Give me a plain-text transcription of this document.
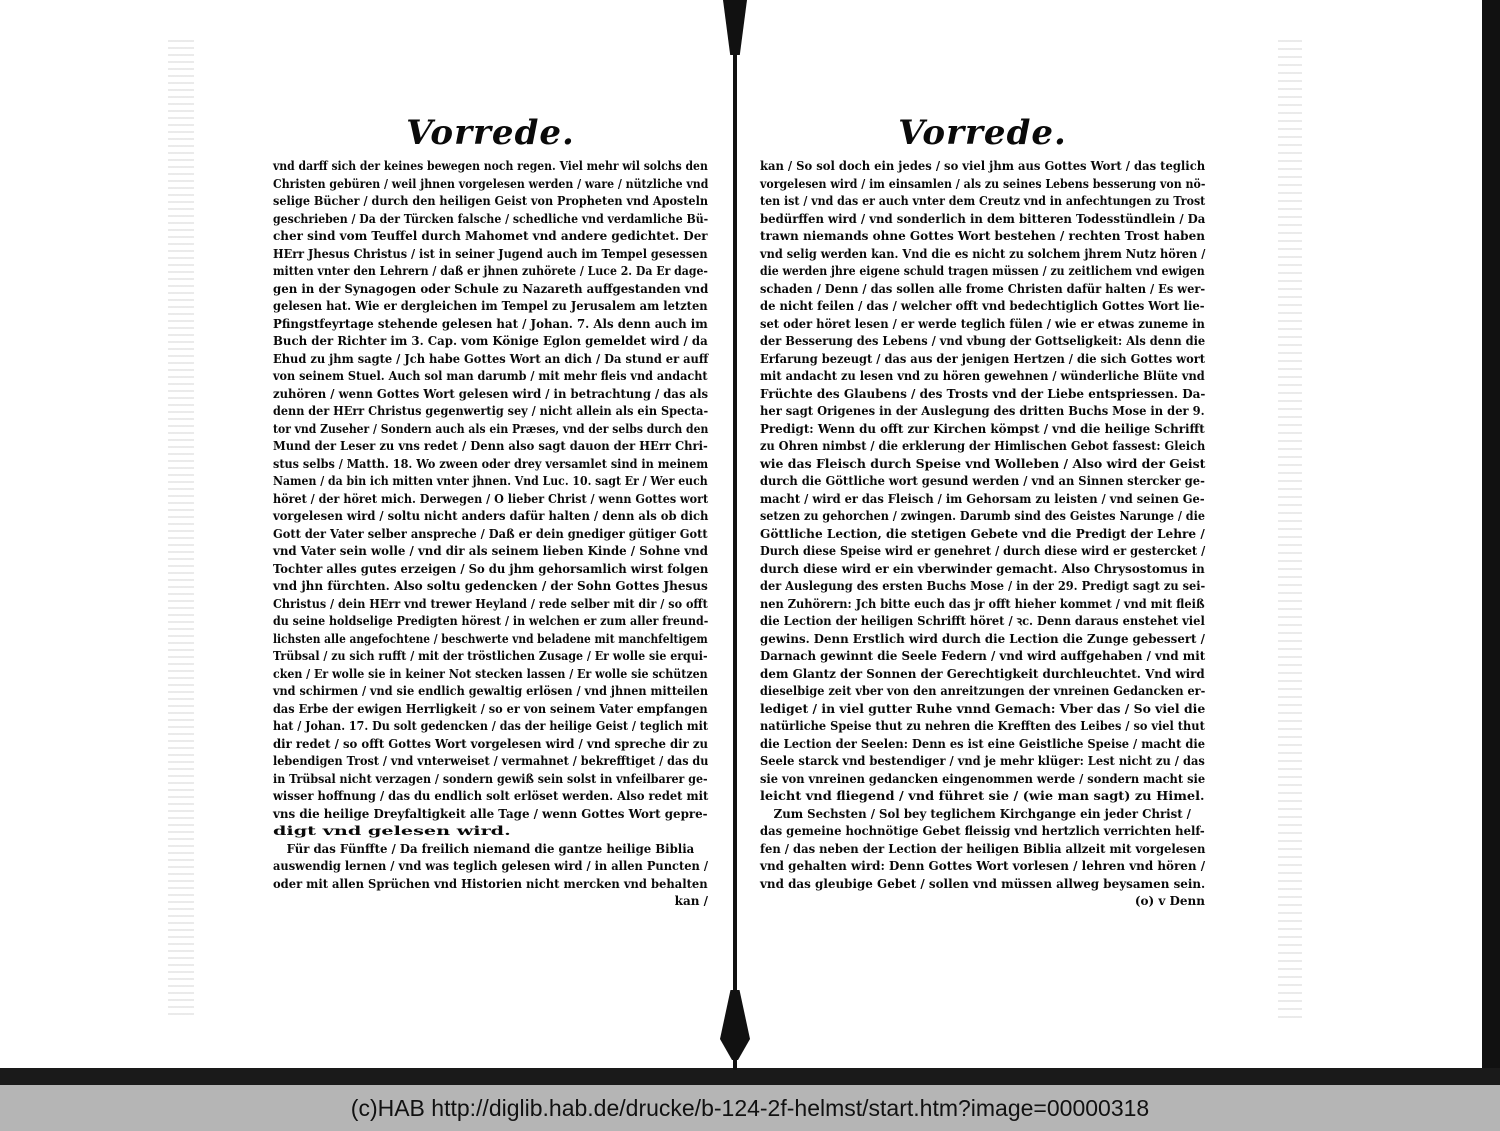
Vorrede.
vnd darff sich der keines bewegen noch regen. Viel mehr wil solchs den
Christen gebüren / weil jhnen vorgelesen werden / ware / nützliche vnd
selige Bücher / durch den heiligen Geist von Propheten vnd Aposteln
geschrieben / Da der Türcken falsche / schedliche vnd verdamliche Bü-
cher sind vom Teuffel durch Mahomet vnd andere gedichtet. Der
HErr Jhesus Christus / ist in seiner Jugend auch im Tempel gesessen
mitten vnter den Lehrern / daß er jhnen zuhörete / Luce 2. Da Er dage-
gen in der Synagogen oder Schule zu Nazareth auffgestanden vnd
gelesen hat. Wie er dergleichen im Tempel zu Jerusalem am letzten
Pfingstfeyrtage stehende gelesen hat / Johan. 7. Als denn auch im
Buch der Richter im 3. Cap. vom Könige Eglon gemeldet wird / da
Ehud zu jhm sagte / Jch habe Gottes Wort an dich / Da stund er auff
von seinem Stuel. Auch sol man darumb / mit mehr fleis vnd andacht
zuhören / wenn Gottes Wort gelesen wird / in betrachtung / das als
denn der HErr Christus gegenwertig sey / nicht allein als ein Specta-
tor vnd Zuseher / Sondern auch als ein Præses, vnd der selbs durch den
Mund der Leser zu vns redet / Denn also sagt dauon der HErr Chri-
stus selbs / Matth. 18. Wo zween oder drey versamlet sind in meinem
Namen / da bin ich mitten vnter jhnen. Vnd Luc. 10. sagt Er / Wer euch
höret / der höret mich. Derwegen / O lieber Christ / wenn Gottes wort
vorgelesen wird / soltu nicht anders dafür halten / denn als ob dich
Gott der Vater selber anspreche / Daß er dein gnediger gütiger Gott
vnd Vater sein wolle / vnd dir als seinem lieben Kinde / Sohne vnd
Tochter alles gutes erzeigen / So du jhm gehorsamlich wirst folgen
vnd jhn fürchten. Also soltu gedencken / der Sohn Gottes Jhesus
Christus / dein HErr vnd trewer Heyland / rede selber mit dir / so offt
du seine holdselige Predigten hörest / in welchen er zum aller freund-
lichsten alle angefochtene / beschwerte vnd beladene mit manchfeltigem
Trübsal / zu sich rufft / mit der tröstlichen Zusage / Er wolle sie erqui-
cken / Er wolle sie in keiner Not stecken lassen / Er wolle sie schützen
vnd schirmen / vnd sie endlich gewaltig erlösen / vnd jhnen mitteilen
das Erbe der ewigen Herrligkeit / so er von seinem Vater empfangen
hat / Johan. 17. Du solt gedencken / das der heilige Geist / teglich mit
dir redet / so offt Gottes Wort vorgelesen wird / vnd spreche dir zu
lebendigen Trost / vnd vnterweiset / vermahnet / bekrefftiget / das du
in Trübsal nicht verzagen / sondern gewiß sein solst in vnfeilbarer ge-
wisser hoffnung / das du endlich solt erlöset werden. Also redet mit
vns die heilige Dreyfaltigkeit alle Tage / wenn Gottes Wort gepre-
digt vnd gelesen wird.
Für das Fünffte / Da freilich niemand die gantze heilige Biblia
auswendig lernen / vnd was teglich gelesen wird / in allen Puncten /
oder mit allen Sprüchen vnd Historien nicht mercken vnd behalten
kan /
Vorrede.
kan / So sol doch ein jedes / so viel jhm aus Gottes Wort / das teglich
vorgelesen wird / im einsamlen / als zu seines Lebens besserung von nö-
ten ist / vnd das er auch vnter dem Creutz vnd in anfechtungen zu Trost
bedürffen wird / vnd sonderlich in dem bitteren Todesstündlein / Da
trawn niemands ohne Gottes Wort bestehen / rechten Trost haben
vnd selig werden kan. Vnd die es nicht zu solchem jhrem Nutz hören /
die werden jhre eigene schuld tragen müssen / zu zeitlichem vnd ewigen
schaden / Denn / das sollen alle frome Christen dafür halten / Es wer-
de nicht feilen / das / welcher offt vnd bedechtiglich Gottes Wort lie-
set oder höret lesen / er werde teglich fülen / wie er etwas zuneme in
der Besserung des Lebens / vnd vbung der Gottseligkeit: Als denn die
Erfarung bezeugt / das aus der jenigen Hertzen / die sich Gottes wort
mit andacht zu lesen vnd zu hören gewehnen / wünderliche Blüte vnd
Früchte des Glaubens / des Trosts vnd der Liebe entspriessen. Da-
her sagt Origenes in der Auslegung des dritten Buchs Mose in der 9.
Predigt: Wenn du offt zur Kirchen kömpst / vnd die heilige Schrifft
zu Ohren nimbst / die erklerung der Himlischen Gebot fassest: Gleich
wie das Fleisch durch Speise vnd Wolleben / Also wird der Geist
durch die Göttliche wort gesund werden / vnd an Sinnen stercker ge-
macht / wird er das Fleisch / im Gehorsam zu leisten / vnd seinen Ge-
setzen zu gehorchen / zwingen. Darumb sind des Geistes Narunge / die
Göttliche Lection, die stetigen Gebete vnd die Predigt der Lehre /
Durch diese Speise wird er genehret / durch diese wird er gestercket /
durch diese wird er ein vberwinder gemacht. Also Chrysostomus in
der Auslegung des ersten Buchs Mose / in der 29. Predigt sagt zu sei-
nen Zuhörern: Jch bitte euch das jr offt hieher kommet / vnd mit fleiß
die Lection der heiligen Schrifft höret / ꝛc. Denn daraus enstehet viel
gewins. Denn Erstlich wird durch die Lection die Zunge gebessert /
Darnach gewinnt die Seele Federn / vnd wird auffgehaben / vnd mit
dem Glantz der Sonnen der Gerechtigkeit durchleuchtet. Vnd wird
dieselbige zeit vber von den anreitzungen der vnreinen Gedancken er-
lediget / in viel gutter Ruhe vnnd Gemach: Vber das / So viel die
natürliche Speise thut zu nehren die Krefften des Leibes / so viel thut
die Lection der Seelen: Denn es ist eine Geistliche Speise / macht die
Seele starck vnd bestendiger / vnd je mehr klüger: Lest nicht zu / das
sie von vnreinen gedancken eingenommen werde / sondern macht sie
leicht vnd fliegend / vnd führet sie / (wie man sagt) zu Himel.
Zum Sechsten / Sol bey teglichem Kirchgange ein jeder Christ /
das gemeine hochnötige Gebet fleissig vnd hertzlich verrichten helf-
fen / das neben der Lection der heiligen Biblia allzeit mit vorgelesen
vnd gehalten wird: Denn Gottes Wort vorlesen / lehren vnd hören /
vnd das gleubige Gebet / sollen vnd müssen allweg beysamen sein.
(o) v Denn
(c)HAB http://diglib.hab.de/drucke/b-124-2f-helmst/start.htm?image=00000318
